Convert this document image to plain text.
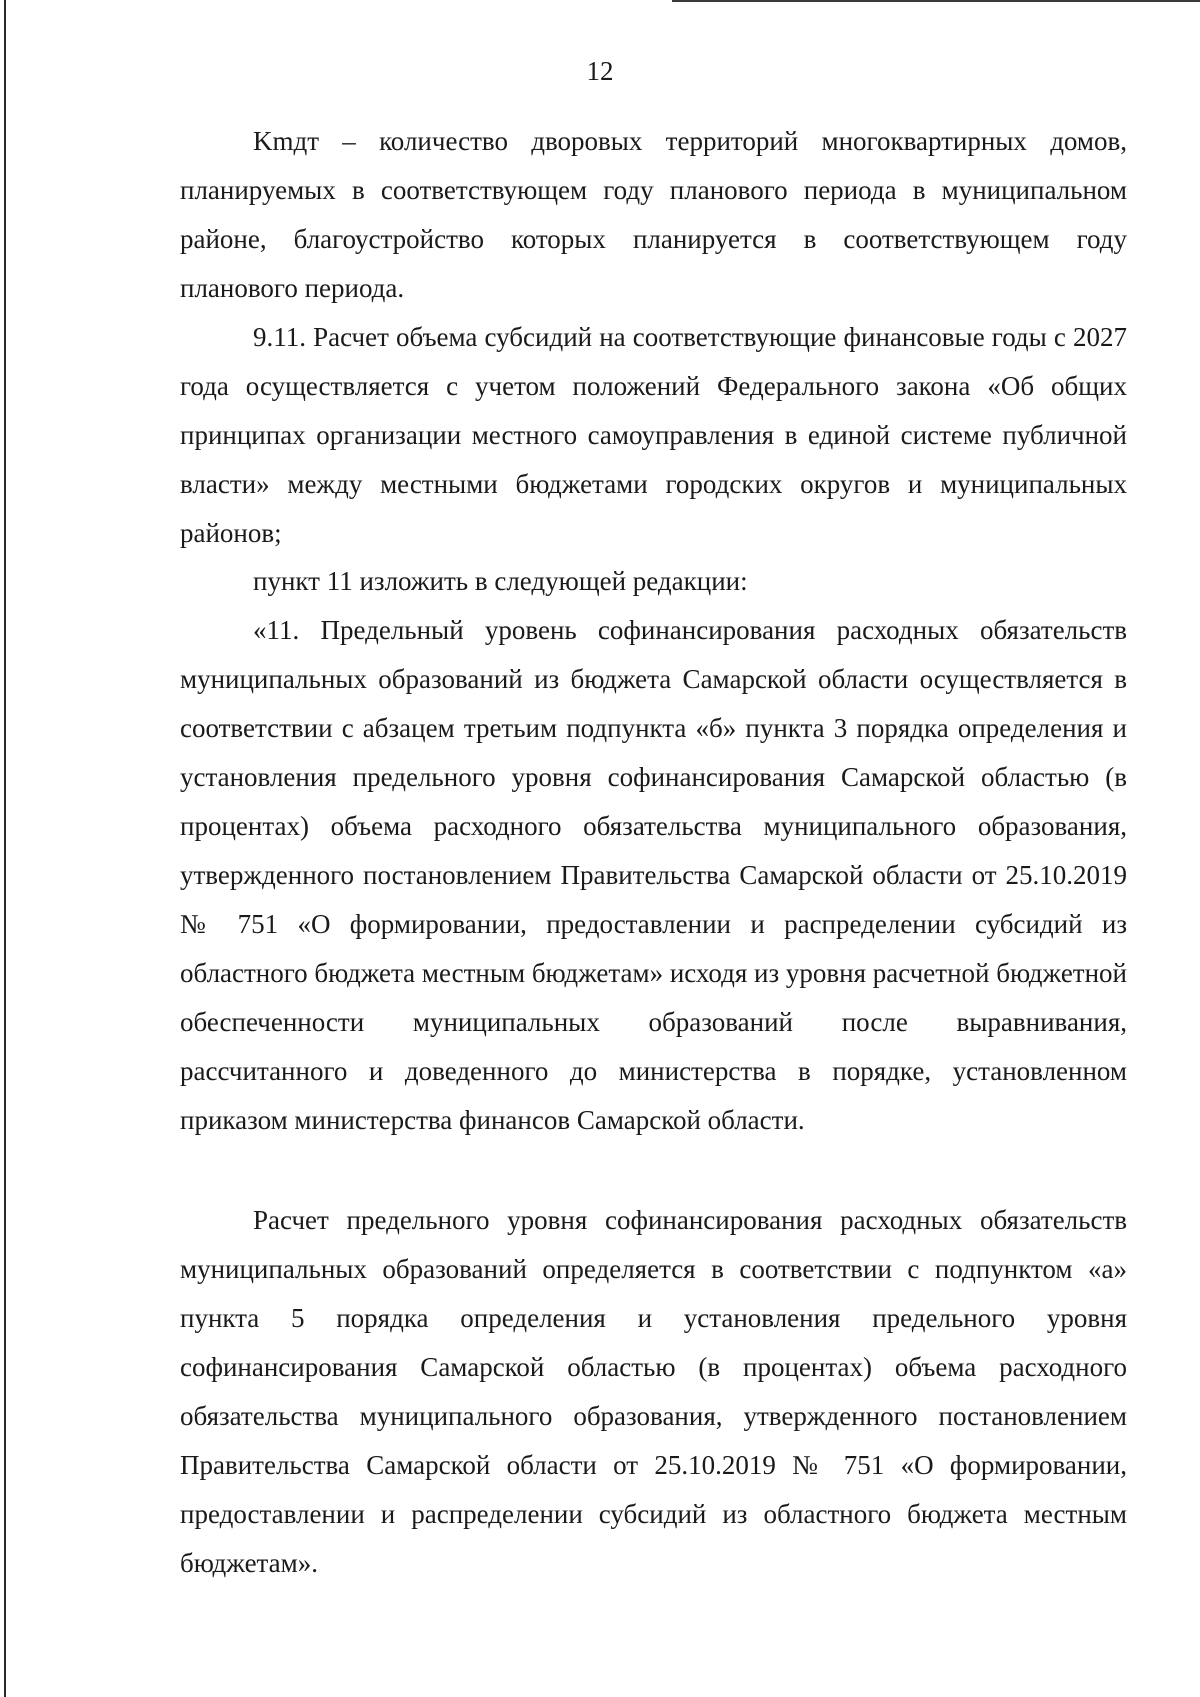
12

Kmдт – количество дворовых территорий многоквартирных домов, планируемых в соответствующем году планового периода в муниципальном районе, благоустройство которых планируется в соответствующем году планового периода.

9.11. Расчет объема субсидий на соответствующие финансовые годы с 2027 года осуществляется с учетом положений Федерального закона «Об общих принципах организации местного самоуправления в единой системе публичной власти» между местными бюджетами городских округов и муниципальных районов;

пункт 11 изложить в следующей редакции:

«11. Предельный уровень софинансирования расходных обязательств муниципальных образований из бюджета Самарской области осуществляется в соответствии с абзацем третьим подпункта «б» пункта 3 порядка определения и установления предельного уровня софинансирования Самарской областью (в процентах) объема расходного обязательства муниципального образования, утвержденного постановлением Правительства Самарской области от 25.10.2019 № 751 «О формировании, предоставлении и распределении субсидий из областного бюджета местным бюджетам» исходя из уровня расчетной бюджетной обеспеченности муниципальных образований после выравнивания, рассчитанного и доведенного до министерства в порядке, установленном приказом министерства финансов Самарской области.

Расчет предельного уровня софинансирования расходных обязательств муниципальных образований определяется в соответствии с подпунктом «а» пункта 5 порядка определения и установления предельного уровня софинансирования Самарской областью (в процентах) объема расходного обязательства муниципального образования, утвержденного постановлением Правительства Самарской области от 25.10.2019 № 751 «О формировании, предоставлении и распределении субсидий из областного бюджета местным бюджетам».
